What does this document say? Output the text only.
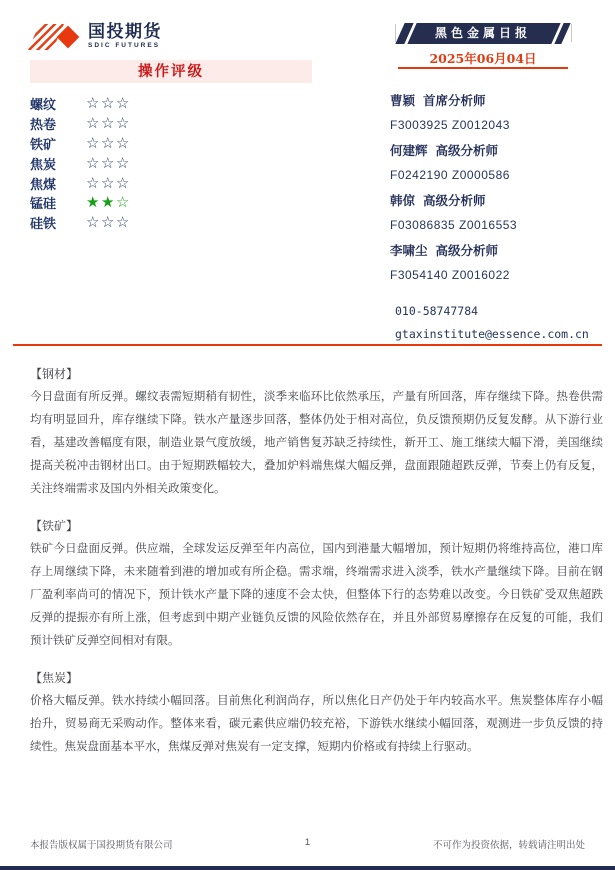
国投期货
SDIC FUTURES
黑色金属日报
2025年06月04日
操作评级
螺纹	☆☆☆
热卷	☆☆☆
铁矿	☆☆☆
焦炭	☆☆☆
焦煤	☆☆☆
锰硅	★★☆
硅铁	☆☆☆
曹颖 首席分析师
F3003925 Z0012043
何建辉 高级分析师
F0242190 Z0000586
韩倞 高级分析师
F03086835 Z0016553
李啸尘 高级分析师
F3054140 Z0016022
010-58747784
gtaxinstitute@essence.com.cn
【钢材】
今日盘面有所反弹。螺纹表需短期稍有韧性，淡季来临环比依然承压，产量有所回落，库存继续下降。热卷供需均有明显回升，库存继续下降。铁水产量逐步回落，整体仍处于相对高位，负反馈预期仍反复发酵。从下游行业看，基建改善幅度有限，制造业景气度放缓，地产销售复苏缺乏持续性，新开工、施工继续大幅下滑，美国继续提高关税冲击钢材出口。由于短期跌幅较大，叠加炉料端焦煤大幅反弹，盘面跟随超跌反弹，节奏上仍有反复，关注终端需求及国内外相关政策变化。
【铁矿】
铁矿今日盘面反弹。供应端，全球发运反弹至年内高位，国内到港量大幅增加，预计短期仍将维持高位，港口库存上周继续下降，未来随着到港的增加或有所企稳。需求端，终端需求进入淡季，铁水产量继续下降。目前在钢厂盈利率尚可的情况下，预计铁水产量下降的速度不会太快，但整体下行的态势难以改变。今日铁矿受双焦超跌反弹的提振亦有所上涨，但考虑到中期产业链负反馈的风险依然存在，并且外部贸易摩擦存在反复的可能，我们预计铁矿反弹空间相对有限。
【焦炭】
价格大幅反弹。铁水持续小幅回落。目前焦化利润尚存，所以焦化日产仍处于年内较高水平。焦炭整体库存小幅抬升，贸易商无采购动作。整体来看，碳元素供应端仍较充裕，下游铁水继续小幅回落，观测进一步负反馈的持续性。焦炭盘面基本平水，焦煤反弹对焦炭有一定支撑，短期内价格或有持续上行驱动。
本报告版权属于国投期货有限公司	1	不可作为投资依据，转载请注明出处
